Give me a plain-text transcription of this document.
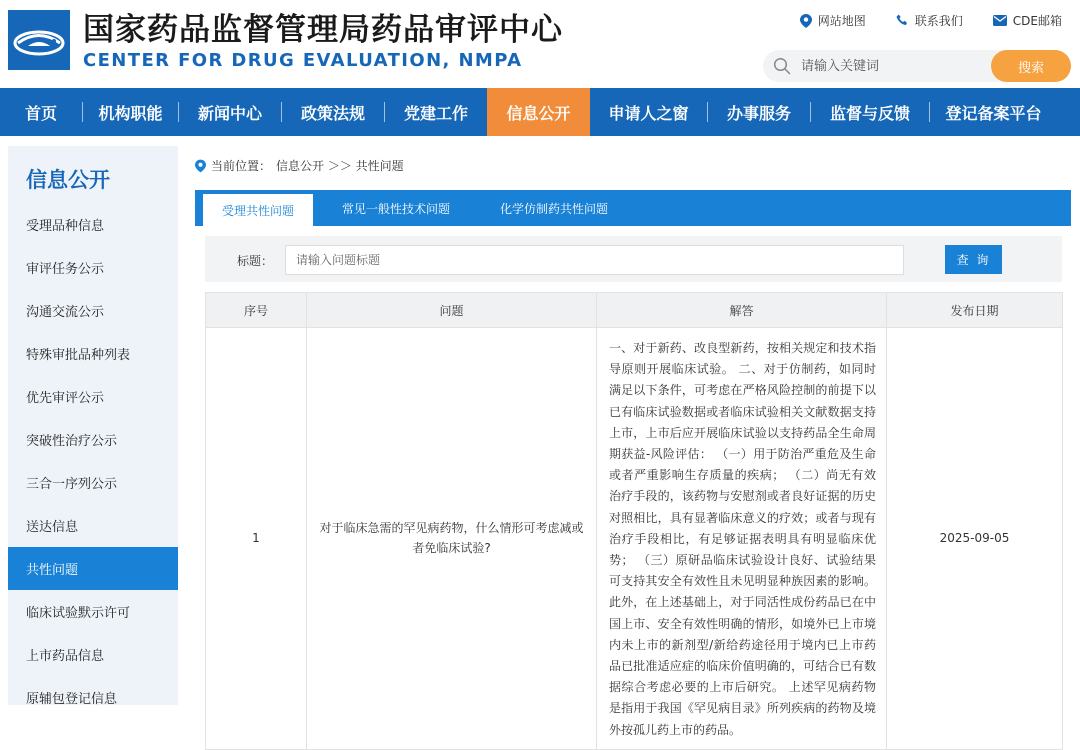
国家药品监督管理局药品审评中心
CENTER FOR DRUG EVALUATION, NMPA
网站地图	联系我们	CDE邮箱
请输入关键词
搜索
首页	机构职能	新闻中心	政策法规	党建工作	信息公开	申请人之窗	办事服务	监督与反馈	登记备案平台
信息公开
受理品种信息
审评任务公示
沟通交流公示
特殊审批品种列表
优先审评公示
突破性治疗公示
三合一序列公示
送达信息
共性问题
临床试验默示许可
上市药品信息
原辅包登记信息
当前位置： 信息公开 ＞＞ 共性问题
受理共性问题	常见一般性技术问题	化学仿制药共性问题
标题：
请输入问题标题	查 询
序号	问题	解答	发布日期
1	对于临床急需的罕见病药物，什么情形可考虑减或者免临床试验?	一、对于新药、改良型新药，按相关规定和技术指导原则开展临床试验。 二、对于仿制药，如同时满足以下条件，可考虑在严格风险控制的前提下以已有临床试验数据或者临床试验相关文献数据支持上市，上市后应开展临床试验以支持药品全生命周期获益-风险评估： （一）用于防治严重危及生命或者严重影响生存质量的疾病； （二）尚无有效治疗手段的，该药物与安慰剂或者良好证据的历史对照相比，具有显著临床意义的疗效；或者与现有治疗手段相比，有足够证据表明具有明显临床优势； （三）原研品临床试验设计良好、试验结果可支持其安全有效性且未见明显种族因素的影响。 此外，在上述基础上，对于同活性成份药品已在中国上市、安全有效性明确的情形，如境外已上市境内未上市的新剂型/新给药途径用于境内已上市药品已批准适应症的临床价值明确的，可结合已有数据综合考虑必要的上市后研究。 上述罕见病药物是指用于我国《罕见病目录》所列疾病的药物及境外按孤儿药上市的药品。	2025-09-05
